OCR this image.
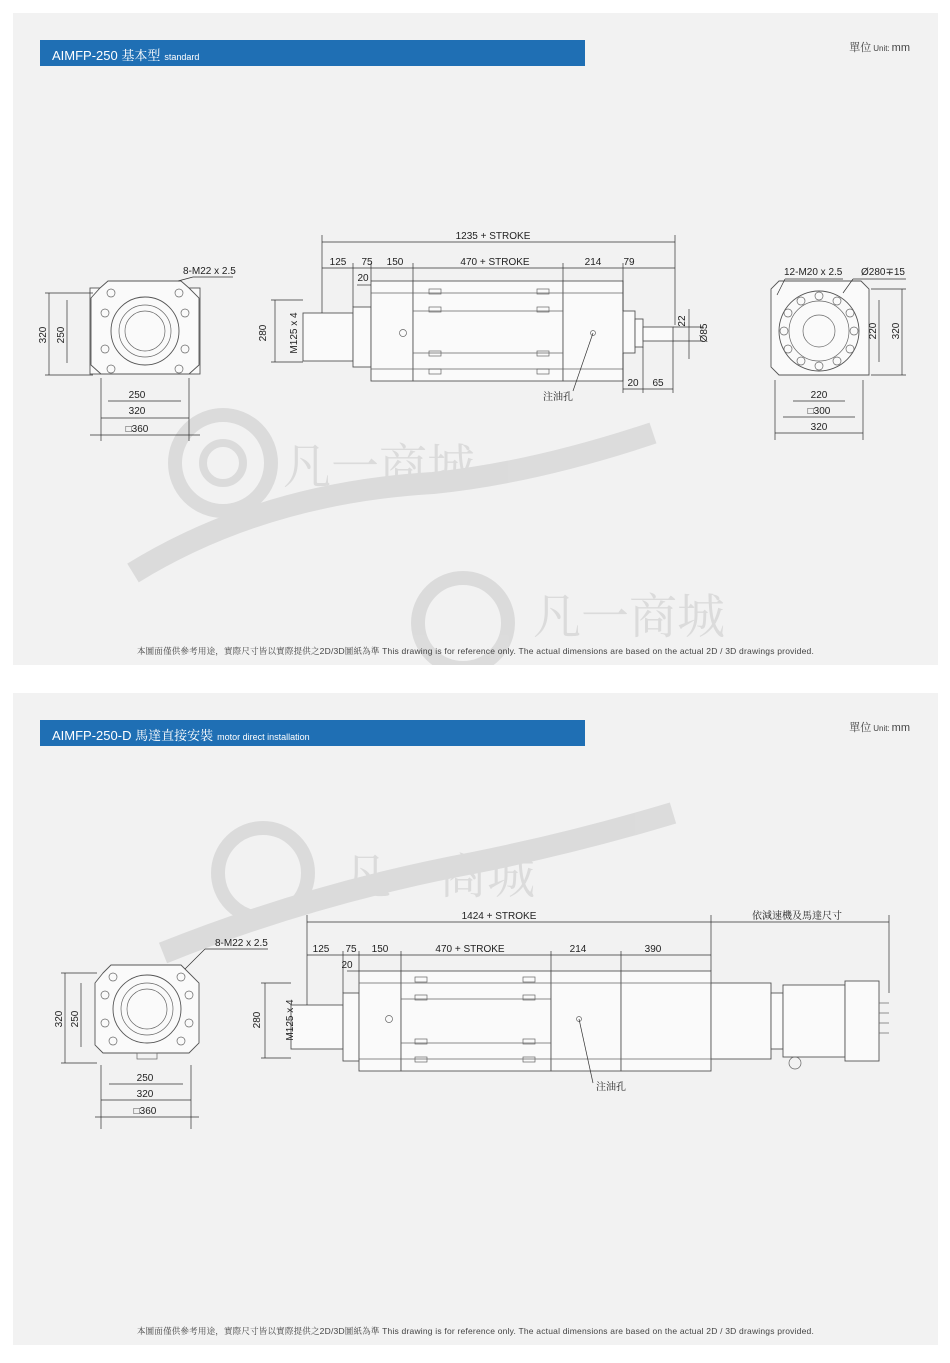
AIMFP-250 基本型 standard
單位 Unit: mm
凡一商城
凡一商城
8-M22 x 2.5
320 250
250
320
□360
1235 + STROKE
125 75
20
150	470 + STROKE	214 79
280 M125 x 4	22
Ø85
20 65
注油孔
12-M20 x 2.5 Ø280∓15
220 320
220
□300
320
本圖面僅供參考用途，實際尺寸皆以實際提供之2D/3D圖紙為準 This drawing is for reference only. The actual dimensions are based on the actual 2D / 3D drawings provided.
AIMFP-250-D 馬達直接安裝 motor direct installation
單位 Unit: mm
凡一商城
8-M22 x 2.5
320 250
250
320
□360
1424 + STROKE	依減速機及馬達尺寸
125 75
20
150	470 + STROKE	214	390
280 M125 x 4
注油孔
本圖面僅供參考用途，實際尺寸皆以實際提供之2D/3D圖紙為準 This drawing is for reference only. The actual dimensions are based on the actual 2D / 3D drawings provided.
